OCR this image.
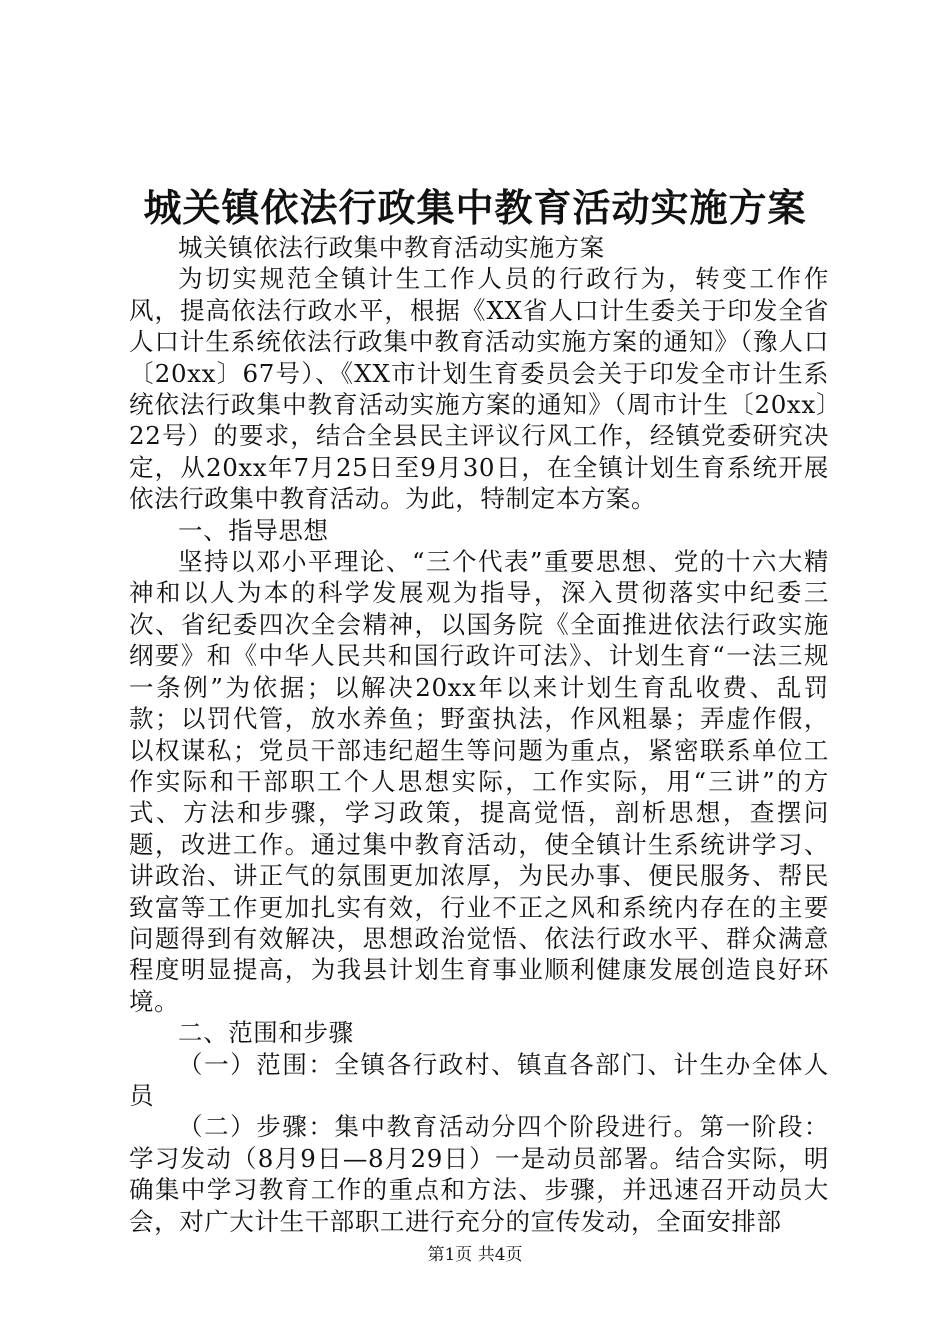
城关镇依法行政集中教育活动实施方案

城关镇依法行政集中教育活动实施方案

为切实规范全镇计生工作人员的行政行为，转变工作作风，提高依法行政水平，根据《XX省人口计生委关于印发全省人口计生系统依法行政集中教育活动实施方案的通知》（豫人口〔20xx〕67号）、《XX市计划生育委员会关于印发全市计生系统依法行政集中教育活动实施方案的通知》（周市计生〔20xx〕22号）的要求，结合全县民主评议行风工作，经镇党委研究决定，从20xx年7月25日至9月30日，在全镇计划生育系统开展依法行政集中教育活动。为此，特制定本方案。

一、指导思想

坚持以邓小平理论、“三个代表”重要思想、党的十六大精神和以人为本的科学发展观为指导，深入贯彻落实中纪委三次、省纪委四次全会精神，以国务院《全面推进依法行政实施纲要》和《中华人民共和国行政许可法》、计划生育“一法三规一条例”为依据；以解决20xx年以来计划生育乱收费、乱罚款；以罚代管，放水养鱼；野蛮执法，作风粗暴；弄虚作假，以权谋私；党员干部违纪超生等问题为重点，紧密联系单位工作实际和干部职工个人思想实际，工作实际，用“三讲”的方式、方法和步骤，学习政策，提高觉悟，剖析思想，查摆问题，改进工作。通过集中教育活动，使全镇计生系统讲学习、讲政治、讲正气的氛围更加浓厚，为民办事、便民服务、帮民致富等工作更加扎实有效，行业不正之风和系统内存在的主要问题得到有效解决，思想政治觉悟、依法行政水平、群众满意程度明显提高，为我县计划生育事业顺利健康发展创造良好环境。

二、范围和步骤

（一）范围：全镇各行政村、镇直各部门、计生办全体人员

（二）步骤：集中教育活动分四个阶段进行。第一阶段：学习发动（8月9日—8月29日）一是动员部署。结合实际，明确集中学习教育工作的重点和方法、步骤，并迅速召开动员大会，对广大计生干部职工进行充分的宣传发动，全面安排部

第1页 共4页
